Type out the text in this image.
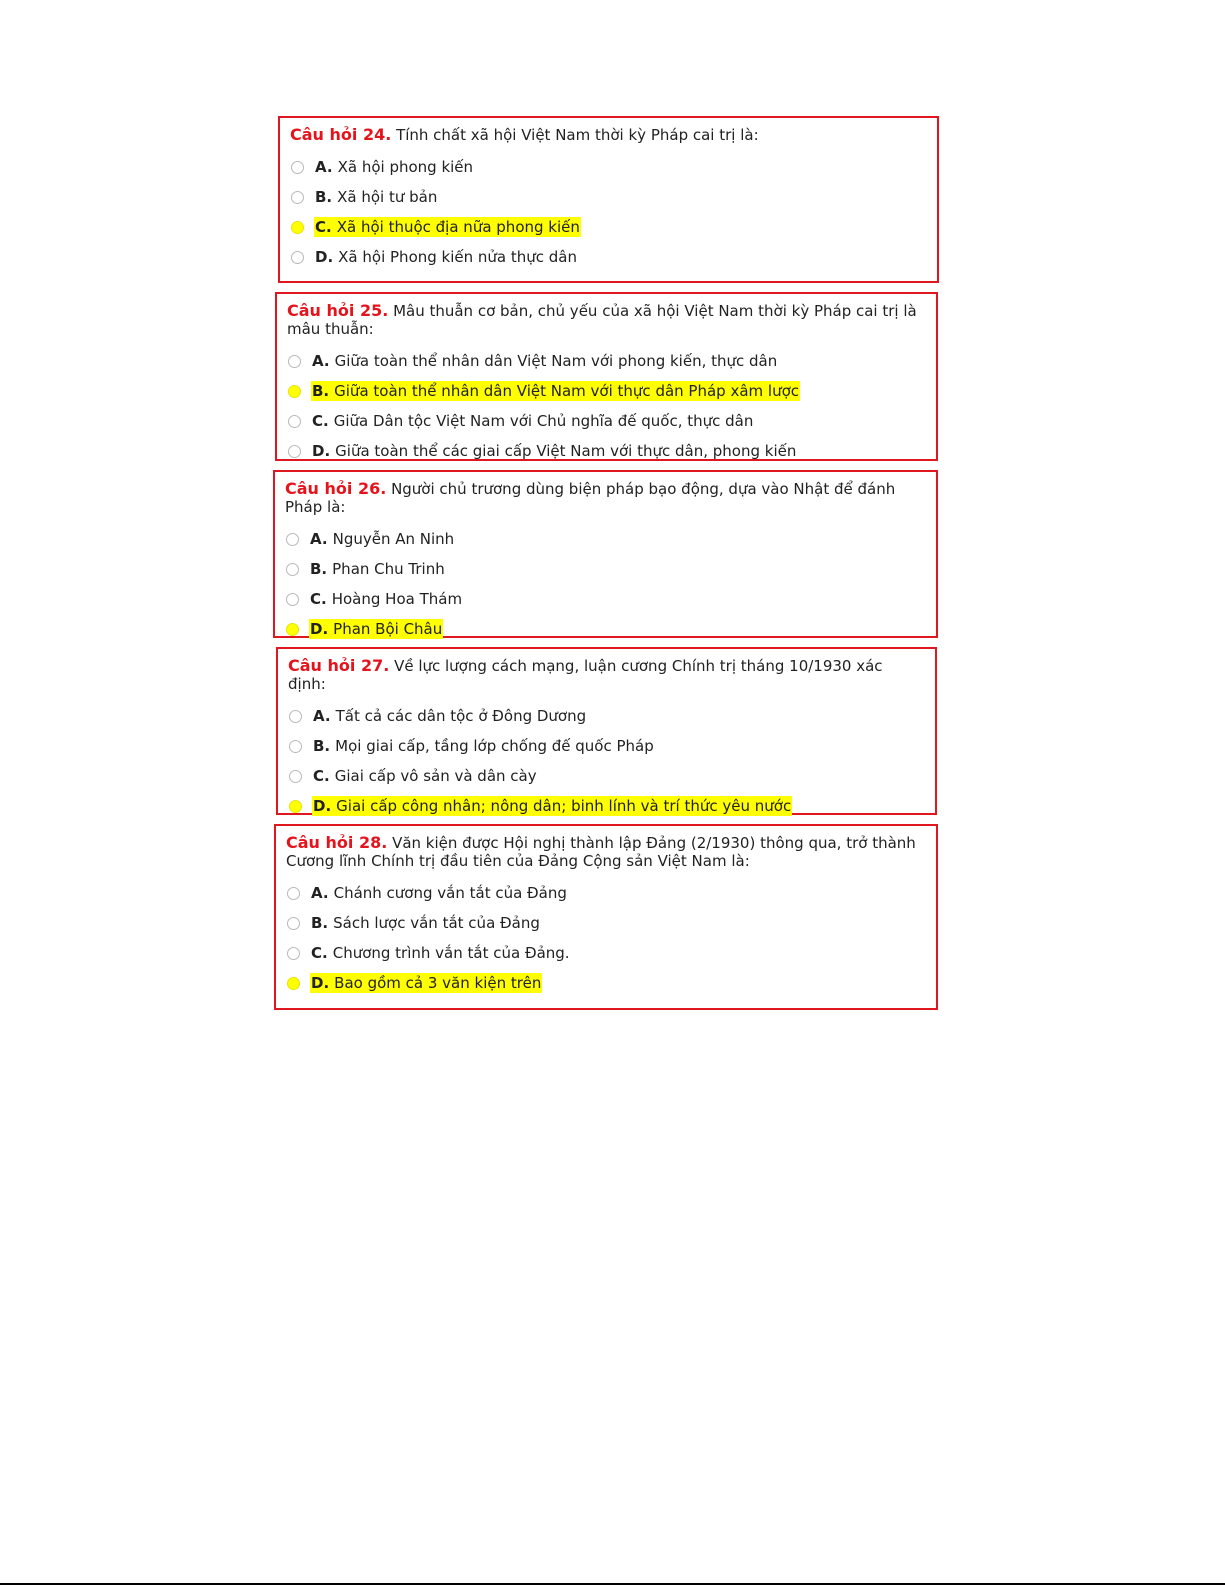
Câu hỏi 24. Tính chất xã hội Việt Nam thời kỳ Pháp cai trị là:

A. Xã hội phong kiến
B. Xã hội tư bản
C. Xã hội thuộc địa nữa phong kiến
D. Xã hội Phong kiến nửa thực dân

Câu hỏi 25. Mâu thuẫn cơ bản, chủ yếu của xã hội Việt Nam thời kỳ Pháp cai trị là mâu thuẫn:

A. Giữa toàn thể nhân dân Việt Nam với phong kiến, thực dân
B. Giữa toàn thể nhân dân Việt Nam với thực dân Pháp xâm lược
C. Giữa Dân tộc Việt Nam với Chủ nghĩa đế quốc, thực dân
D. Giữa toàn thể các giai cấp Việt Nam với thực dân, phong kiến

Câu hỏi 26. Người chủ trương dùng biện pháp bạo động, dựa vào Nhật để đánh Pháp là:

A. Nguyễn An Ninh
B. Phan Chu Trinh
C. Hoàng Hoa Thám
D. Phan Bội Châu

Câu hỏi 27. Về lực lượng cách mạng, luận cương Chính trị tháng 10/1930 xác định:

A. Tất cả các dân tộc ở Đông Dương
B. Mọi giai cấp, tầng lớp chống đế quốc Pháp
C. Giai cấp vô sản và dân cày
D. Giai cấp công nhân; nông dân; binh lính và trí thức yêu nước

Câu hỏi 28. Văn kiện được Hội nghị thành lập Đảng (2/1930) thông qua, trở thành Cương lĩnh Chính trị đầu tiên của Đảng Cộng sản Việt Nam là:

A. Chánh cương vắn tắt của Đảng
B. Sách lược vắn tắt của Đảng
C. Chương trình vắn tắt của Đảng.
D. Bao gồm cả 3 văn kiện trên
